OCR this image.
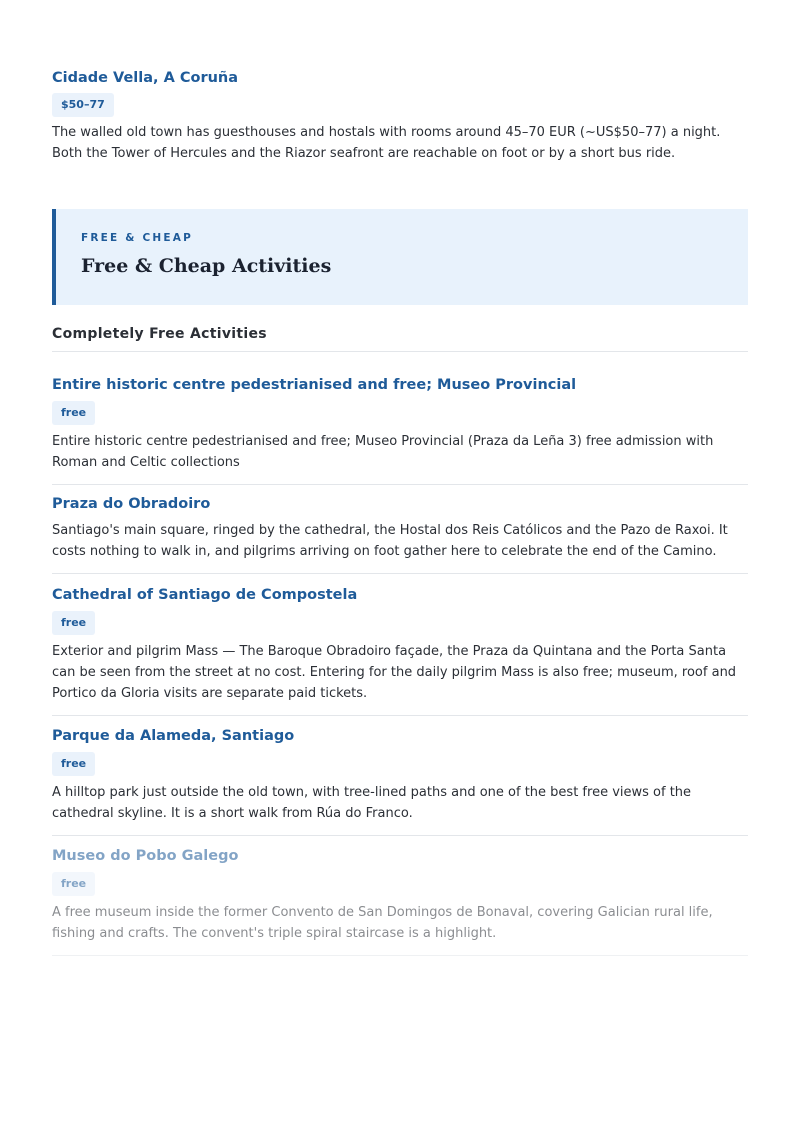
Cidade Vella, A Coruña
$50–77

The walled old town has guesthouses and hostals with rooms around 45–70 EUR (~US$50–77) a night. Both the Tower of Hercules and the Riazor seafront are reachable on foot or by a short bus ride.

FREE & CHEAP
Free & Cheap Activities
Completely Free Activities
Entire historic centre pedestrianised and free; Museo Provincial
free

Entire historic centre pedestrianised and free; Museo Provincial (Praza da Leña 3) free admission with Roman and Celtic collections

Praza do Obradoiro

Santiago's main square, ringed by the cathedral, the Hostal dos Reis Católicos and the Pazo de Raxoi. It costs nothing to walk in, and pilgrims arriving on foot gather here to celebrate the end of the Camino.

Cathedral of Santiago de Compostela
free

Exterior and pilgrim Mass — The Baroque Obradoiro façade, the Praza da Quintana and the Porta Santa can be seen from the street at no cost. Entering for the daily pilgrim Mass is also free; museum, roof and Portico da Gloria visits are separate paid tickets.

Parque da Alameda, Santiago
free

A hilltop park just outside the old town, with tree-lined paths and one of the best free views of the cathedral skyline. It is a short walk from Rúa do Franco.

Museo do Pobo Galego
free

A free museum inside the former Convento de San Domingos de Bonaval, covering Galician rural life, fishing and crafts. The convent's triple spiral staircase is a highlight.
